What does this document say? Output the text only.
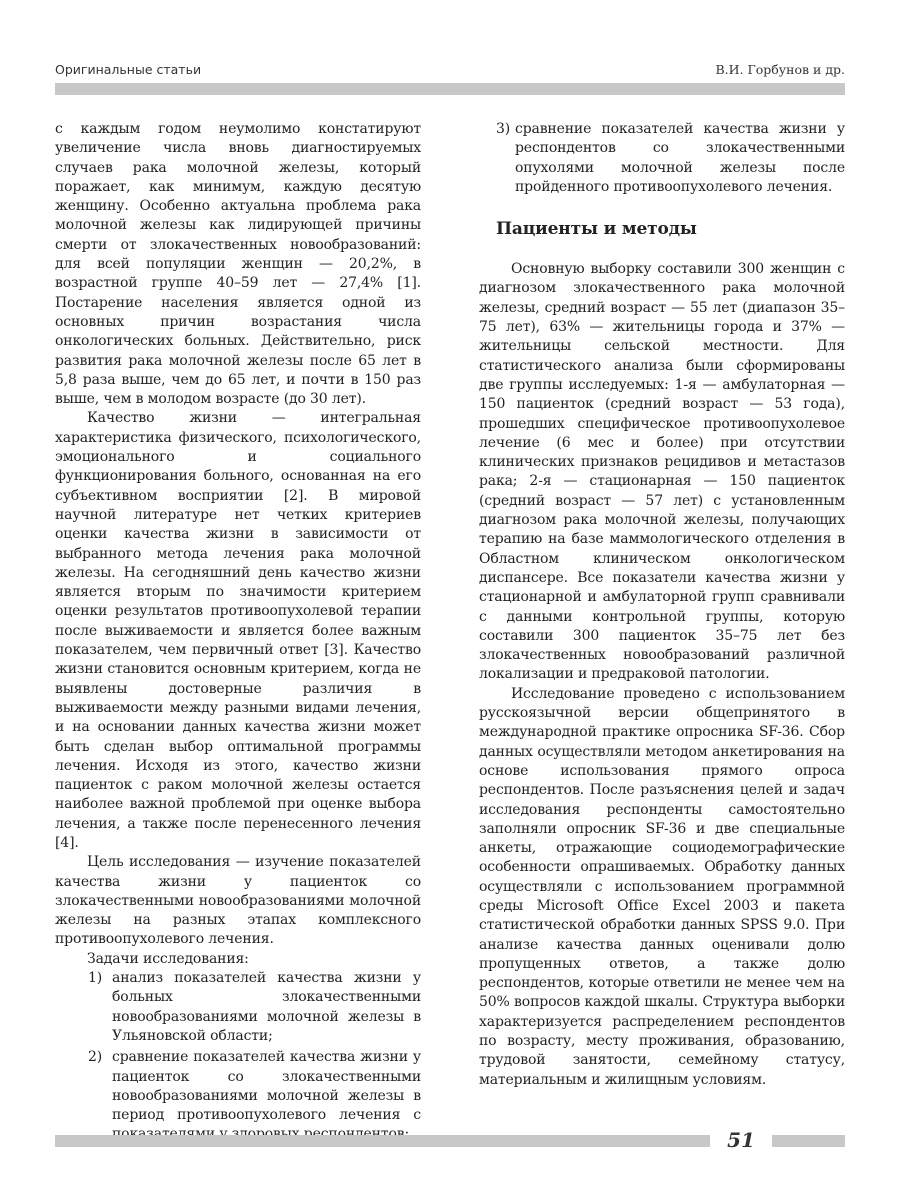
Оригинальные статьи	В.И. Горбунов и др.

с каждым годом неумолимо констатируют увеличение числа вновь диагностируемых случаев рака молочной железы, который поражает, как минимум, каждую десятую женщину. Особенно актуальна проблема рака молочной железы как лидирующей причины смерти от злокачественных новообразований: для всей популяции женщин — 20,2%, в возрастной группе 40–59 лет — 27,4% [1]. Постарение населения является одной из основных причин возрастания числа онкологических больных. Действительно, риск развития рака молочной железы после 65 лет в 5,8 раза выше, чем до 65 лет, и почти в 150 раз выше, чем в молодом возрасте (до 30 лет).

Качество жизни — интегральная характеристика физического, психологического, эмоционального и социального функционирования больного, основанная на его субъективном восприятии [2]. В мировой научной литературе нет четких критериев оценки качества жизни в зависимости от выбранного метода лечения рака молочной железы. На сегодняшний день качество жизни является вторым по значимости критерием оценки результатов противоопухолевой терапии после выживаемости и является более важным показателем, чем первичный ответ [3]. Качество жизни становится основным критерием, когда не выявлены достоверные различия в выживаемости между разными видами лечения, и на основании данных качества жизни может быть сделан выбор оптимальной программы лечения. Исходя из этого, качество жизни пациенток с раком молочной железы остается наиболее важной проблемой при оценке выбора лечения, а также после перенесенного лечения [4].

Цель исследования — изучение показателей качества жизни у пациенток со злокачественными новообразованиями молочной железы на разных этапах комплексного противоопухолевого лечения.

Задачи исследования:

1) анализ показателей качества жизни у больных злокачественными новообразованиями молочной железы в Ульяновской области;
2) сравнение показателей качества жизни у пациенток со злокачественными новообразованиями молочной железы в период противоопухолевого лечения с
3) сравнение показателей качества жизни у респондентов со злокачественными опухолями молочной железы после пройденного противоопухолевого лечения.
Пациенты и методы

Основную выборку составили 300 женщин с диагнозом злокачественного рака молочной железы, средний возраст — 55 лет (диапазон 35–75 лет), 63% — жительницы города и 37% — жительницы сельской местности. Для статистического анализа были сформированы две группы исследуемых: 1-я — амбулаторная — 150 пациенток (средний возраст — 53 года), прошедших специфическое противоопухолевое лечение (6 мес и более) при отсутствии клинических признаков рецидивов и метастазов рака; 2-я — стационарная — 150 пациенток (средний возраст — 57 лет) с установленным диагнозом рака молочной железы, получающих терапию на базе маммологического отделения в Областном клиническом онкологическом диспансере. Все показатели качества жизни у стационарной и амбулаторной групп сравнивали с данными контрольной группы, которую составили 300 пациенток 35–75 лет без злокачественных новообразований различной локализации и предраковой патологии.

Исследование проведено с использованием русскоязычной версии общепринятого в международной практике опросника SF-36. Сбор данных осуществляли методом анкетирования на основе использования прямого опроса респондентов. После разъяснения целей и задач исследования респонденты самостоятельно заполняли опросник SF-36 и две специальные анкеты, отражающие социодемографические особенности опрашиваемых. Обработку данных осуществляли с использованием программной среды Microsoft Office Excel 2003 и пакета статистической обработки данных SPSS 9.0. При анализе качества данных оценивали долю пропущенных ответов, а также долю респондентов, которые ответили не менее чем на 50% вопросов каждой шкалы. Структура выборки характеризуется распределением респондентов по возрасту, месту проживания, образованию, трудовой занятости, семейному статусу, материальным и жилищным условиям.

51
